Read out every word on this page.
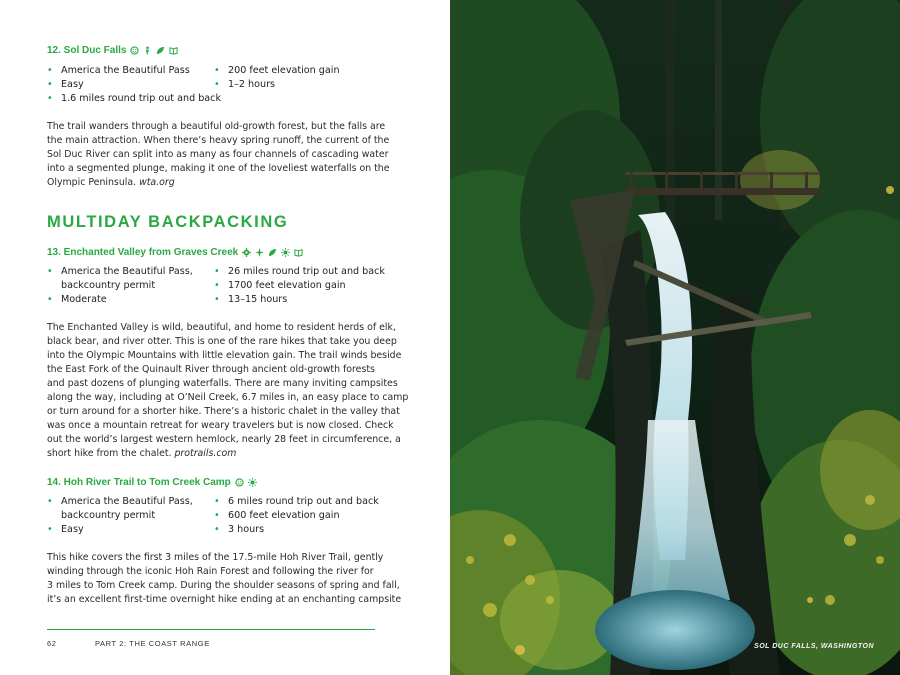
12. Sol Duc Falls
• America the Beautiful Pass
• Easy
• 1.6 miles round trip out and back
• 200 feet elevation gain
• 1–2 hours
The trail wanders through a beautiful old-growth forest, but the falls are
the main attraction. When there’s heavy spring runoff, the current of the
Sol Duc River can split into as many as four channels of cascading water
into a segmented plunge, making it one of the loveliest waterfalls on the
Olympic Peninsula. wta.org
MULTIDAY BACKPACKING
13. Enchanted Valley from Graves Creek
• America the Beautiful Pass,
backcountry permit
• Moderate
• 26 miles round trip out and back
• 1700 feet elevation gain
• 13–15 hours
The Enchanted Valley is wild, beautiful, and home to resident herds of elk,
black bear, and river otter. This is one of the rare hikes that take you deep
into the Olympic Mountains with little elevation gain. The trail winds beside
the East Fork of the Quinault River through ancient old-growth forests
and past dozens of plunging waterfalls. There are many inviting campsites
along the way, including at O’Neil Creek, 6.7 miles in, an easy place to camp
or turn around for a shorter hike. There’s a historic chalet in the valley that
was once a mountain retreat for weary travelers but is now closed. Check
out the world’s largest western hemlock, nearly 28 feet in circumference, a
short hike from the chalet. protrails.com
14. Hoh River Trail to Tom Creek Camp
• America the Beautiful Pass,
backcountry permit
• Easy
• 6 miles round trip out and back
• 600 feet elevation gain
• 3 hours
This hike covers the first 3 miles of the 17.5-mile Hoh River Trail, gently
winding through the iconic Hoh Rain Forest and following the river for
3 miles to Tom Creek camp. During the shoulder seasons of spring and fall,
it’s an excellent first-time overnight hike ending at an enchanting campsite
62	PART 2: THE COAST RANGE	SOL DUC FALLS, WASHINGTON
